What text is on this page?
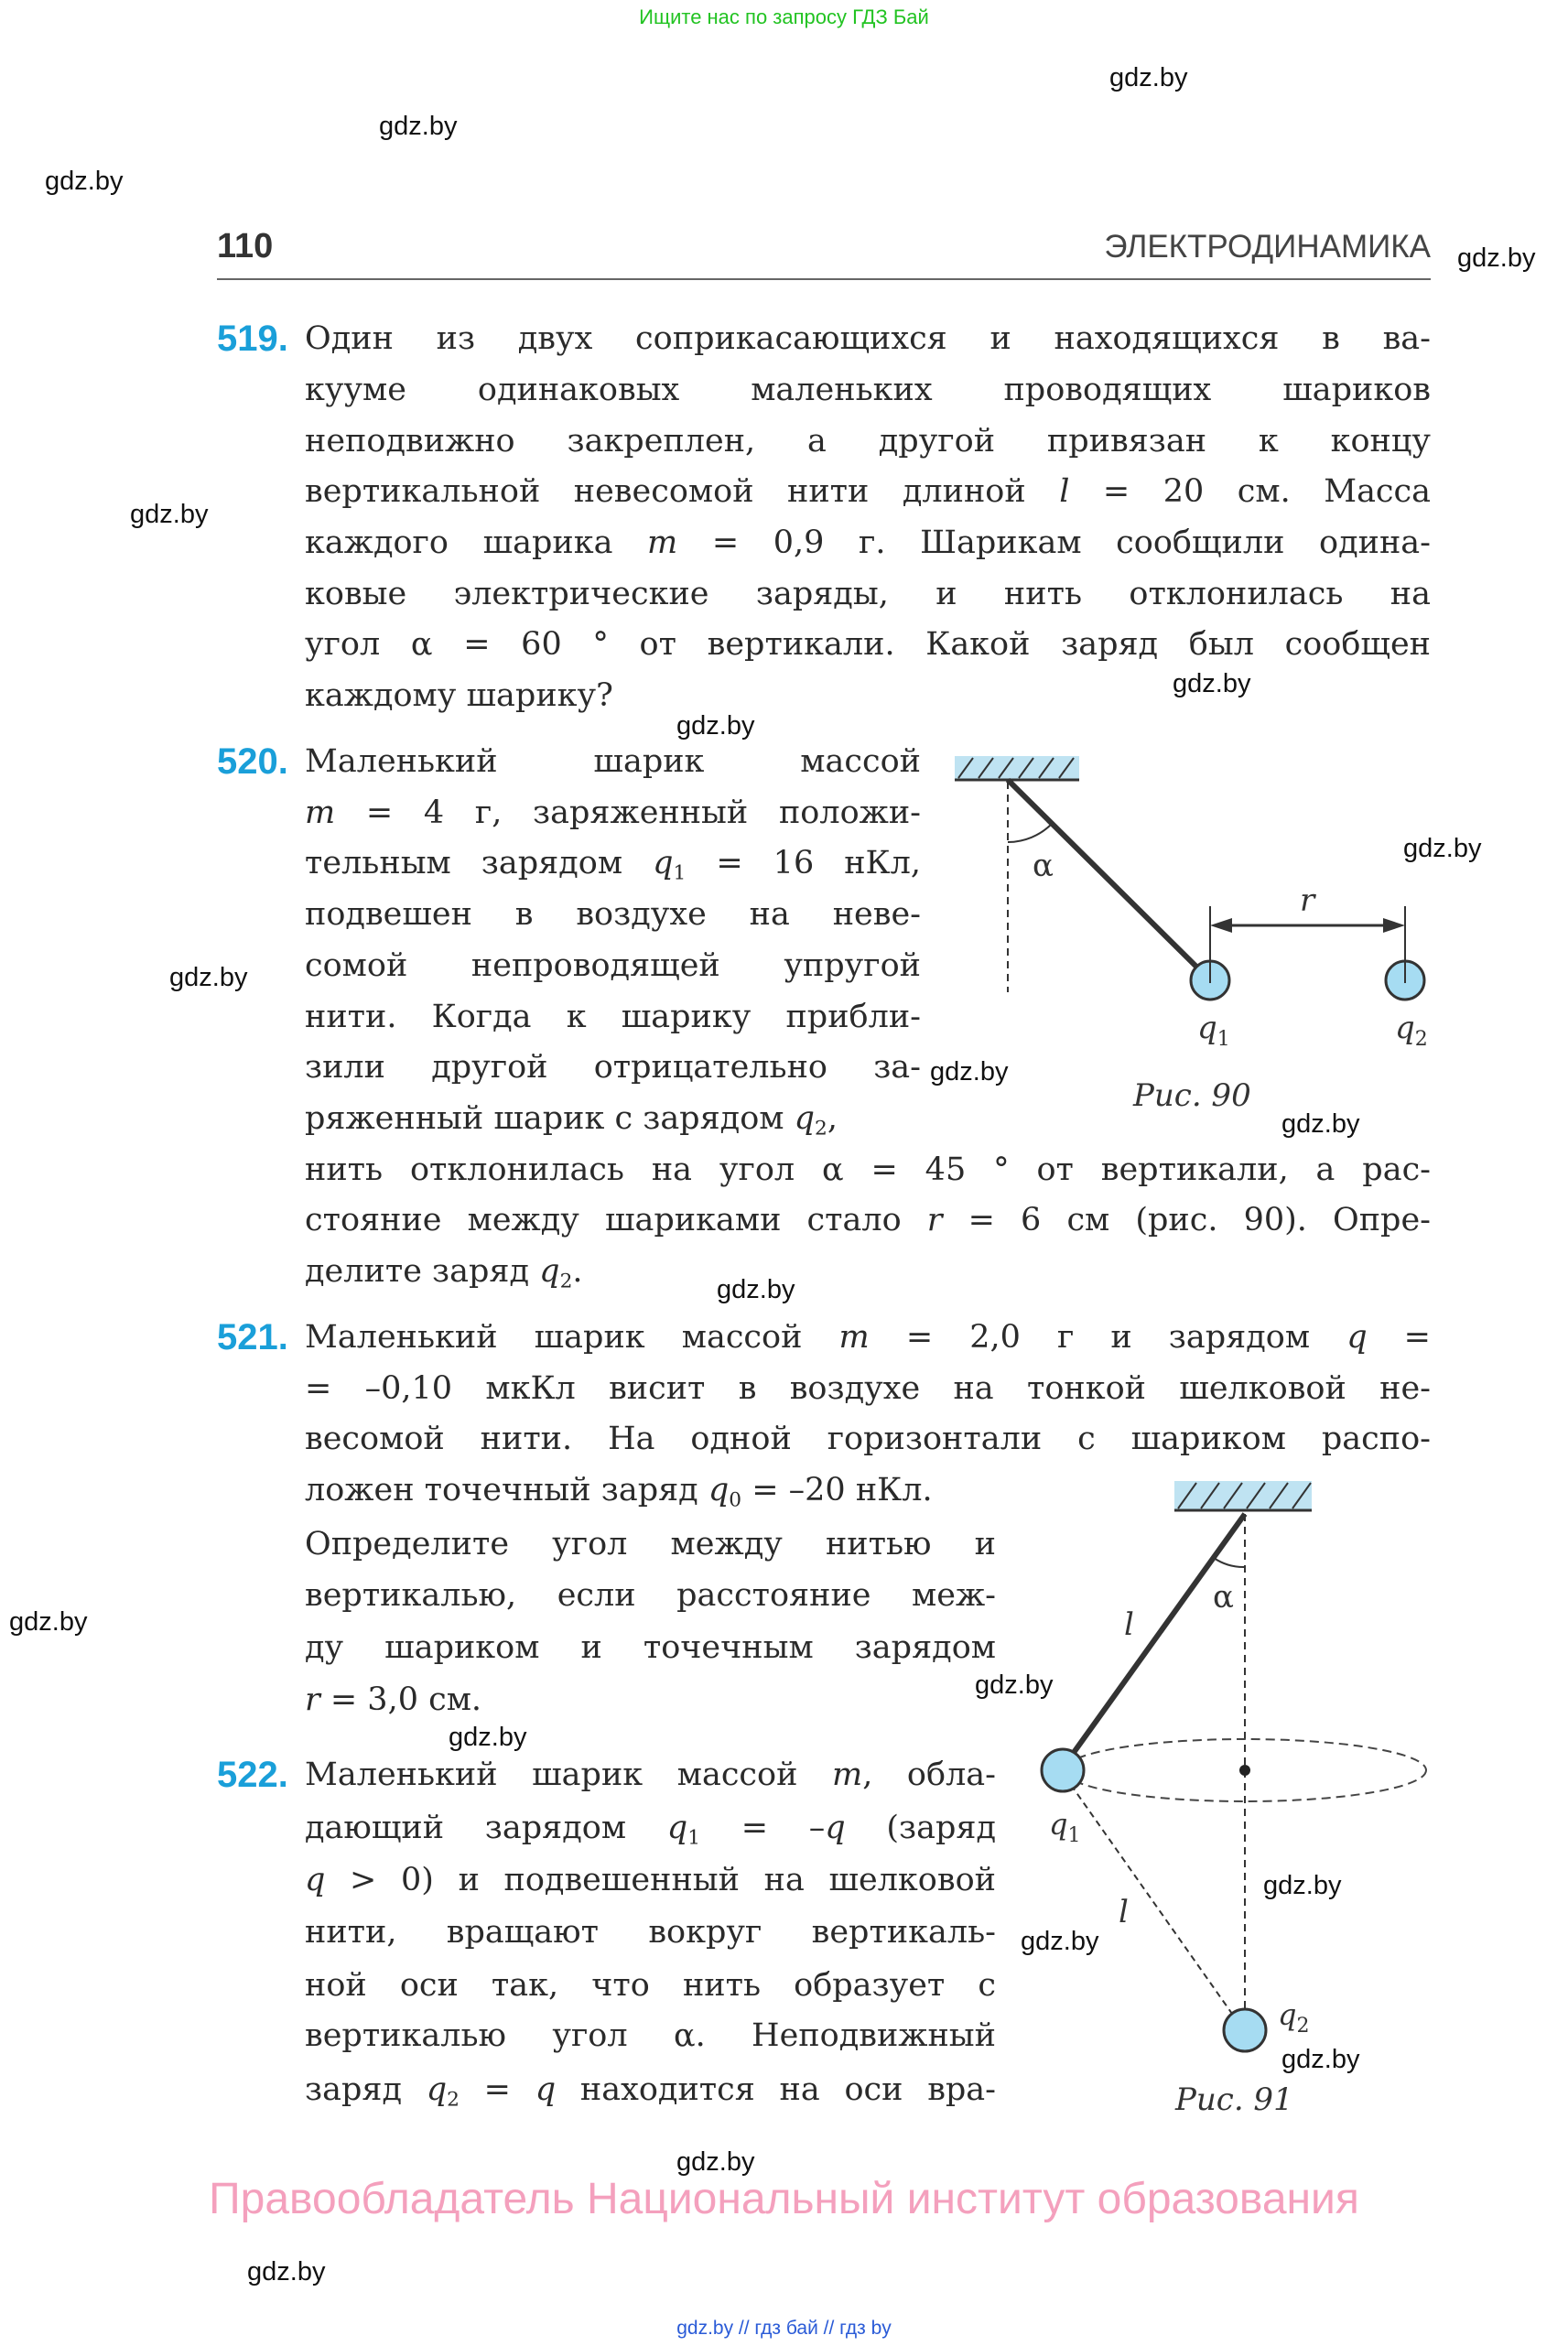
Ищите нас по запросу ГДЗ Бай
110	ЭЛЕКТРОДИНАМИКА
519. Один из двух соприкасающихся и находящихся в ва-
кууме одинаковых маленьких проводящих шариков
неподвижно закреплен, а другой привязан к концу
вертикальной невесомой нити длиной l = 20 см. Масса
каждого шарика m = 0,9 г. Шарикам сообщили одина-
ковые электрические заряды, и нить отклонилась на
угол α = 60 ° от вертикали. Какой заряд был сообщен
каждому шарику?
520. Маленький шарик массой
m = 4 г, заряженный положи-
тельным зарядом $q_1 = 16$ нКл,
подвешен в воздухе на неве-
сомой непроводящей упругой
нити. Когда к шарику прибли-
зили другой отрицательно за-
ряженный шарик с зарядом $q_2$,
нить отклонилась на угол α = 45 ° от вертикали, а рас-
стояние между шариками стало r = 6 см (рис. 90). Опре-
делите заряд $q_2$.
521. Маленький шарик массой m = 2,0 г и зарядом q =
= –0,10 мкКл висит в воздухе на тонкой шелковой не-
весомой нити. На одной горизонтали с шариком распо-
ложен точечный заряд $q_0 = -20$ нКл.
Определите угол между нитью и
вертикалью, если расстояние меж-
ду шариком и точечным зарядом
r = 3,0 см.
522. Маленький шарик массой m, обла-
дающий зарядом $q_1 = -q$ (заряд
q > 0) и подвешенный на шелковой
нити, вращают вокруг вертикаль-
ной оси так, что нить образует с
вертикалью угол α. Неподвижный
заряд $q_2 = q$ находится на оси вра-
α
r
$q_1$	$q_2$
Рис. 90
α
l
l
$q_1$
$q_2$
Рис. 91
gdz.by
gdz.by
gdz.by
gdz.by
gdz.by
gdz.by
gdz.by
gdz.by
gdz.by
gdz.by
gdz.by
gdz.by
gdz.by
gdz.by
gdz.by
gdz.by
gdz.by
gdz.by
gdz.by
gdz.by
Правообладатель Национальный институт образования
gdz.by // гдз бай // гдз by
